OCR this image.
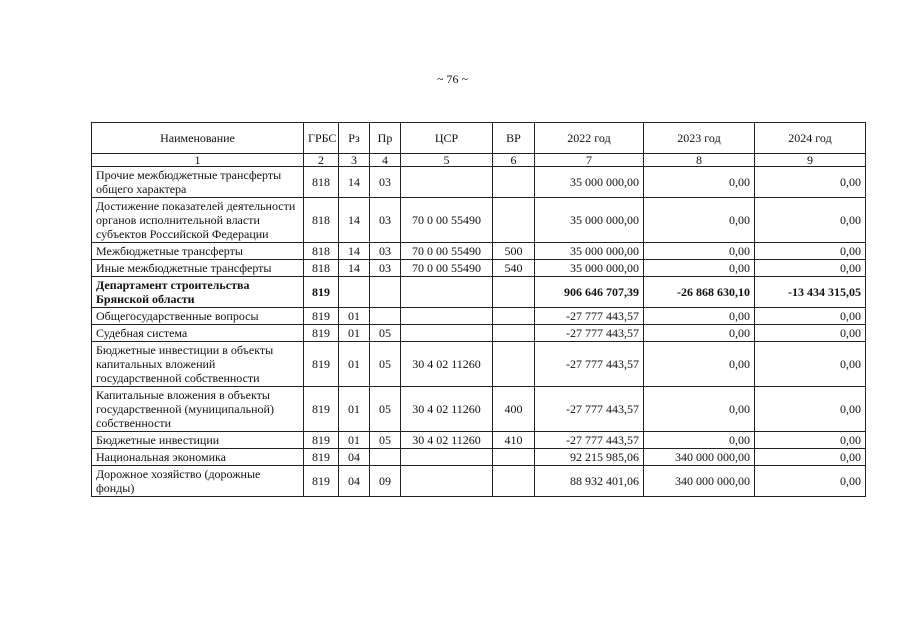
~ 76 ~
Наименование	ГРБС	Рз	Пр	ЦСР	ВР	2022 год	2023 год	2024 год
1	2	3	4	5	6	7	8	9
Прочие межбюджетные трансферты общего характера	818	14	03			35 000 000,00	0,00	0,00
Достижение показателей деятельности органов исполнительной власти субъектов Российской Федерации	818	14	03	70 0 00 55490		35 000 000,00	0,00	0,00
Межбюджетные трансферты	818	14	03	70 0 00 55490	500	35 000 000,00	0,00	0,00
Иные межбюджетные трансферты	818	14	03	70 0 00 55490	540	35 000 000,00	0,00	0,00
Департамент строительства Брянской области	819					906 646 707,39	-26 868 630,10	-13 434 315,05
Общегосударственные вопросы	819	01				-27 777 443,57	0,00	0,00
Судебная система	819	01	05			-27 777 443,57	0,00	0,00
Бюджетные инвестиции в объекты капитальных вложений государственной собственности	819	01	05	30 4 02 11260		-27 777 443,57	0,00	0,00
Капитальные вложения в объекты государственной (муниципальной) собственности	819	01	05	30 4 02 11260	400	-27 777 443,57	0,00	0,00
Бюджетные инвестиции	819	01	05	30 4 02 11260	410	-27 777 443,57	0,00	0,00
Национальная экономика	819	04				92 215 985,06	340 000 000,00	0,00
Дорожное хозяйство (дорожные фонды)	819	04	09			88 932 401,06	340 000 000,00	0,00
